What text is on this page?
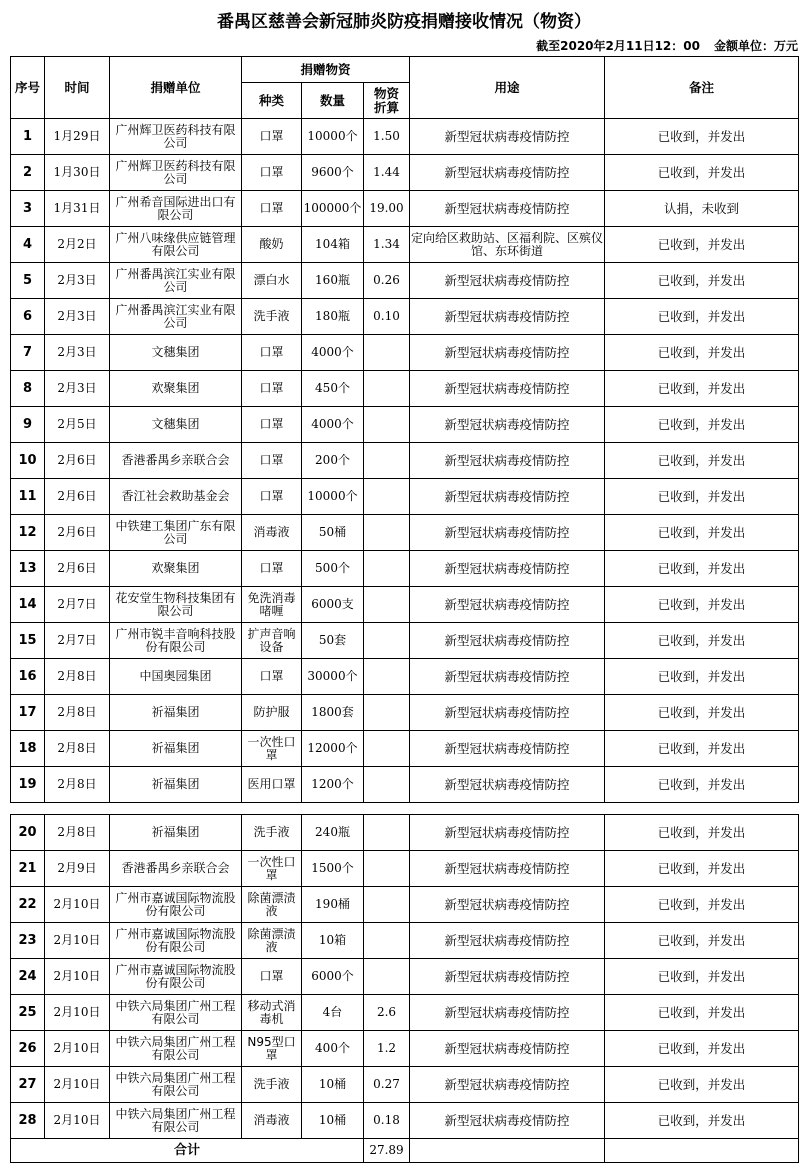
番禺区慈善会新冠肺炎防疫捐赠接收情况（物资）
截至2020年2月11日12：00 金额单位：万元
序号	时间	捐赠单位	捐赠物资			用途	备注
			种类	数量	物资折算		
1	1月29日	广州辉卫医药科技有限公司	口罩	10000个	1.50	新型冠状病毒疫情防控	已收到，并发出
2	1月30日	广州辉卫医药科技有限公司	口罩	9600个	1.44	新型冠状病毒疫情防控	已收到，并发出
3	1月31日	广州希音国际进出口有限公司	口罩	100000个	19.00	新型冠状病毒疫情防控	认捐，未收到
4	2月2日	广州八味缘供应链管理有限公司	酸奶	104箱	1.34	定向给区救助站、区福利院、区殡仪馆、东环街道	已收到，并发出
5	2月3日	广州番禺滨江实业有限公司	漂白水	160瓶	0.26	新型冠状病毒疫情防控	已收到，并发出
6	2月3日	广州番禺滨江实业有限公司	洗手液	180瓶	0.10	新型冠状病毒疫情防控	已收到，并发出
7	2月3日	文穗集团	口罩	4000个		新型冠状病毒疫情防控	已收到，并发出
8	2月3日	欢聚集团	口罩	450个		新型冠状病毒疫情防控	已收到，并发出
9	2月5日	文穗集团	口罩	4000个		新型冠状病毒疫情防控	已收到，并发出
10	2月6日	香港番禺乡亲联合会	口罩	200个		新型冠状病毒疫情防控	已收到，并发出
11	2月6日	香江社会救助基金会	口罩	10000个		新型冠状病毒疫情防控	已收到，并发出
12	2月6日	中铁建工集团广东有限公司	消毒液	50桶		新型冠状病毒疫情防控	已收到，并发出
13	2月6日	欢聚集团	口罩	500个		新型冠状病毒疫情防控	已收到，并发出
14	2月7日	花安堂生物科技集团有限公司	免洗消毒啫喱	6000支		新型冠状病毒疫情防控	已收到，并发出
15	2月7日	广州市锐丰音响科技股份有限公司	扩声音响设备	50套		新型冠状病毒疫情防控	已收到，并发出
16	2月8日	中国奥园集团	口罩	30000个		新型冠状病毒疫情防控	已收到，并发出
17	2月8日	祈福集团	防护服	1800套		新型冠状病毒疫情防控	已收到，并发出
18	2月8日	祈福集团	一次性口罩	12000个		新型冠状病毒疫情防控	已收到，并发出
19	2月8日	祈福集团	医用口罩	1200个		新型冠状病毒疫情防控	已收到，并发出
20	2月8日	祈福集团	洗手液	240瓶		新型冠状病毒疫情防控	已收到，并发出
21	2月9日	香港番禺乡亲联合会	一次性口罩	1500个		新型冠状病毒疫情防控	已收到，并发出
22	2月10日	广州市嘉诚国际物流股份有限公司	除菌漂渍液	190桶		新型冠状病毒疫情防控	已收到，并发出
23	2月10日	广州市嘉诚国际物流股份有限公司	除菌漂渍液	10箱		新型冠状病毒疫情防控	已收到，并发出
24	2月10日	广州市嘉诚国际物流股份有限公司	口罩	6000个		新型冠状病毒疫情防控	已收到，并发出
25	2月10日	中铁六局集团广州工程有限公司	移动式消毒机	4台	2.6	新型冠状病毒疫情防控	已收到，并发出
26	2月10日	中铁六局集团广州工程有限公司	N95型口罩	400个	1.2	新型冠状病毒疫情防控	已收到，并发出
27	2月10日	中铁六局集团广州工程有限公司	洗手液	10桶	0.27	新型冠状病毒疫情防控	已收到，并发出
28	2月10日	中铁六局集团广州工程有限公司	消毒液	10桶	0.18	新型冠状病毒疫情防控	已收到，并发出
合计					27.89		
